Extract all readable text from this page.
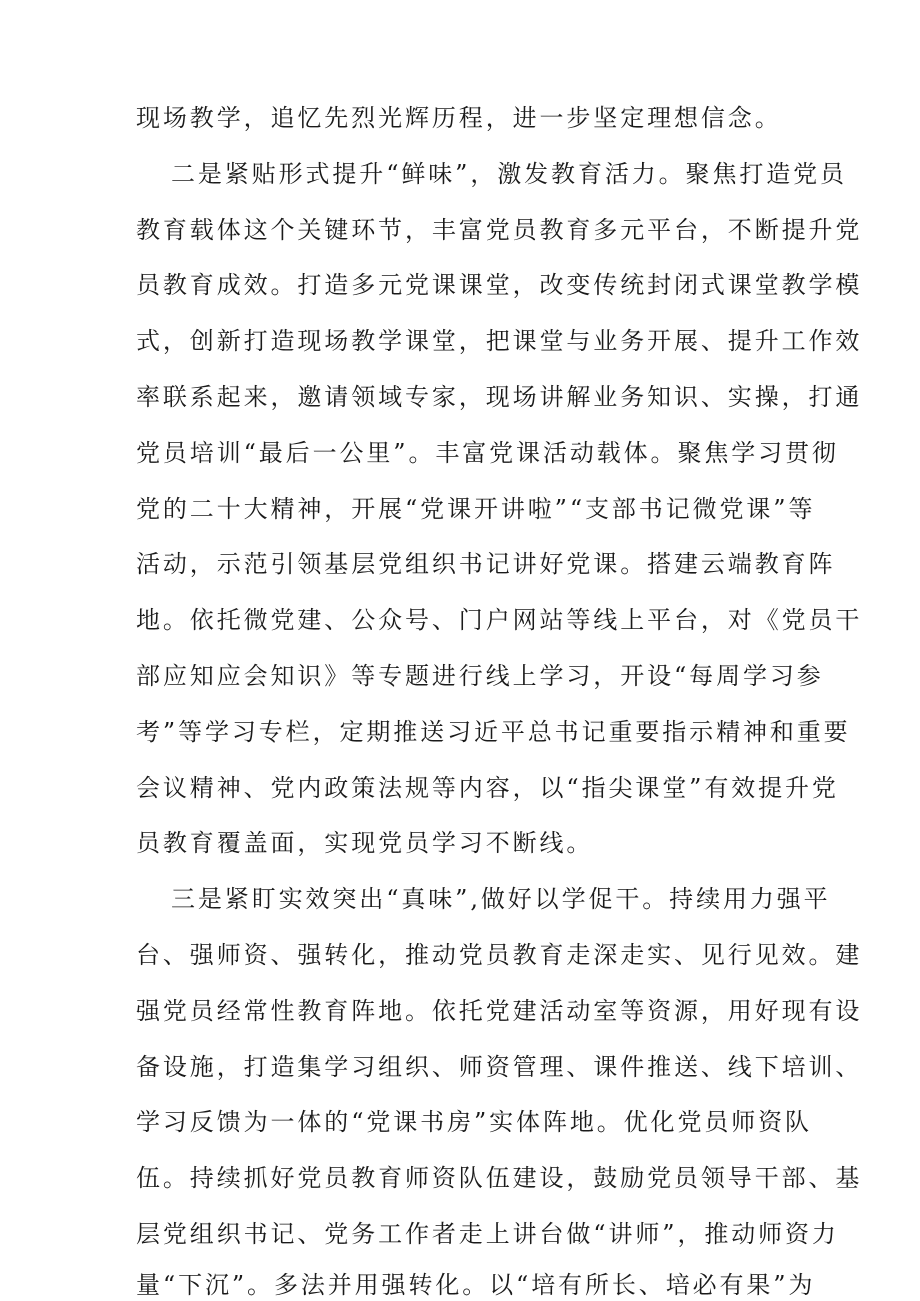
现场教学，追忆先烈光辉历程，进一步坚定理想信念。
二是紧贴形式提升“鲜味”，激发教育活力。聚焦打造党员
教育载体这个关键环节，丰富党员教育多元平台，不断提升党
员教育成效。打造多元党课课堂，改变传统封闭式课堂教学模
式，创新打造现场教学课堂，把课堂与业务开展、提升工作效
率联系起来，邀请领域专家，现场讲解业务知识、实操，打通
党员培训“最后一公里”。丰富党课活动载体。聚焦学习贯彻
党的二十大精神，开展“党课开讲啦”“支部书记微党课”等
活动，示范引领基层党组织书记讲好党课。搭建云端教育阵
地。依托微党建、公众号、门户网站等线上平台，对《党员干
部应知应会知识》等专题进行线上学习，开设“每周学习参
考”等学习专栏，定期推送习近平总书记重要指示精神和重要
会议精神、党内政策法规等内容，以“指尖课堂”有效提升党
员教育覆盖面，实现党员学习不断线。
三是紧盯实效突出“真味”,做好以学促干。持续用力强平
台、强师资、强转化，推动党员教育走深走实、见行见效。建
强党员经常性教育阵地。依托党建活动室等资源，用好现有设
备设施，打造集学习组织、师资管理、课件推送、线下培训、
学习反馈为一体的“党课书房”实体阵地。优化党员师资队
伍。持续抓好党员教育师资队伍建设，鼓励党员领导干部、基
层党组织书记、党务工作者走上讲台做“讲师”，推动师资力
量“下沉”。多法并用强转化。以“培有所长、培必有果”为
